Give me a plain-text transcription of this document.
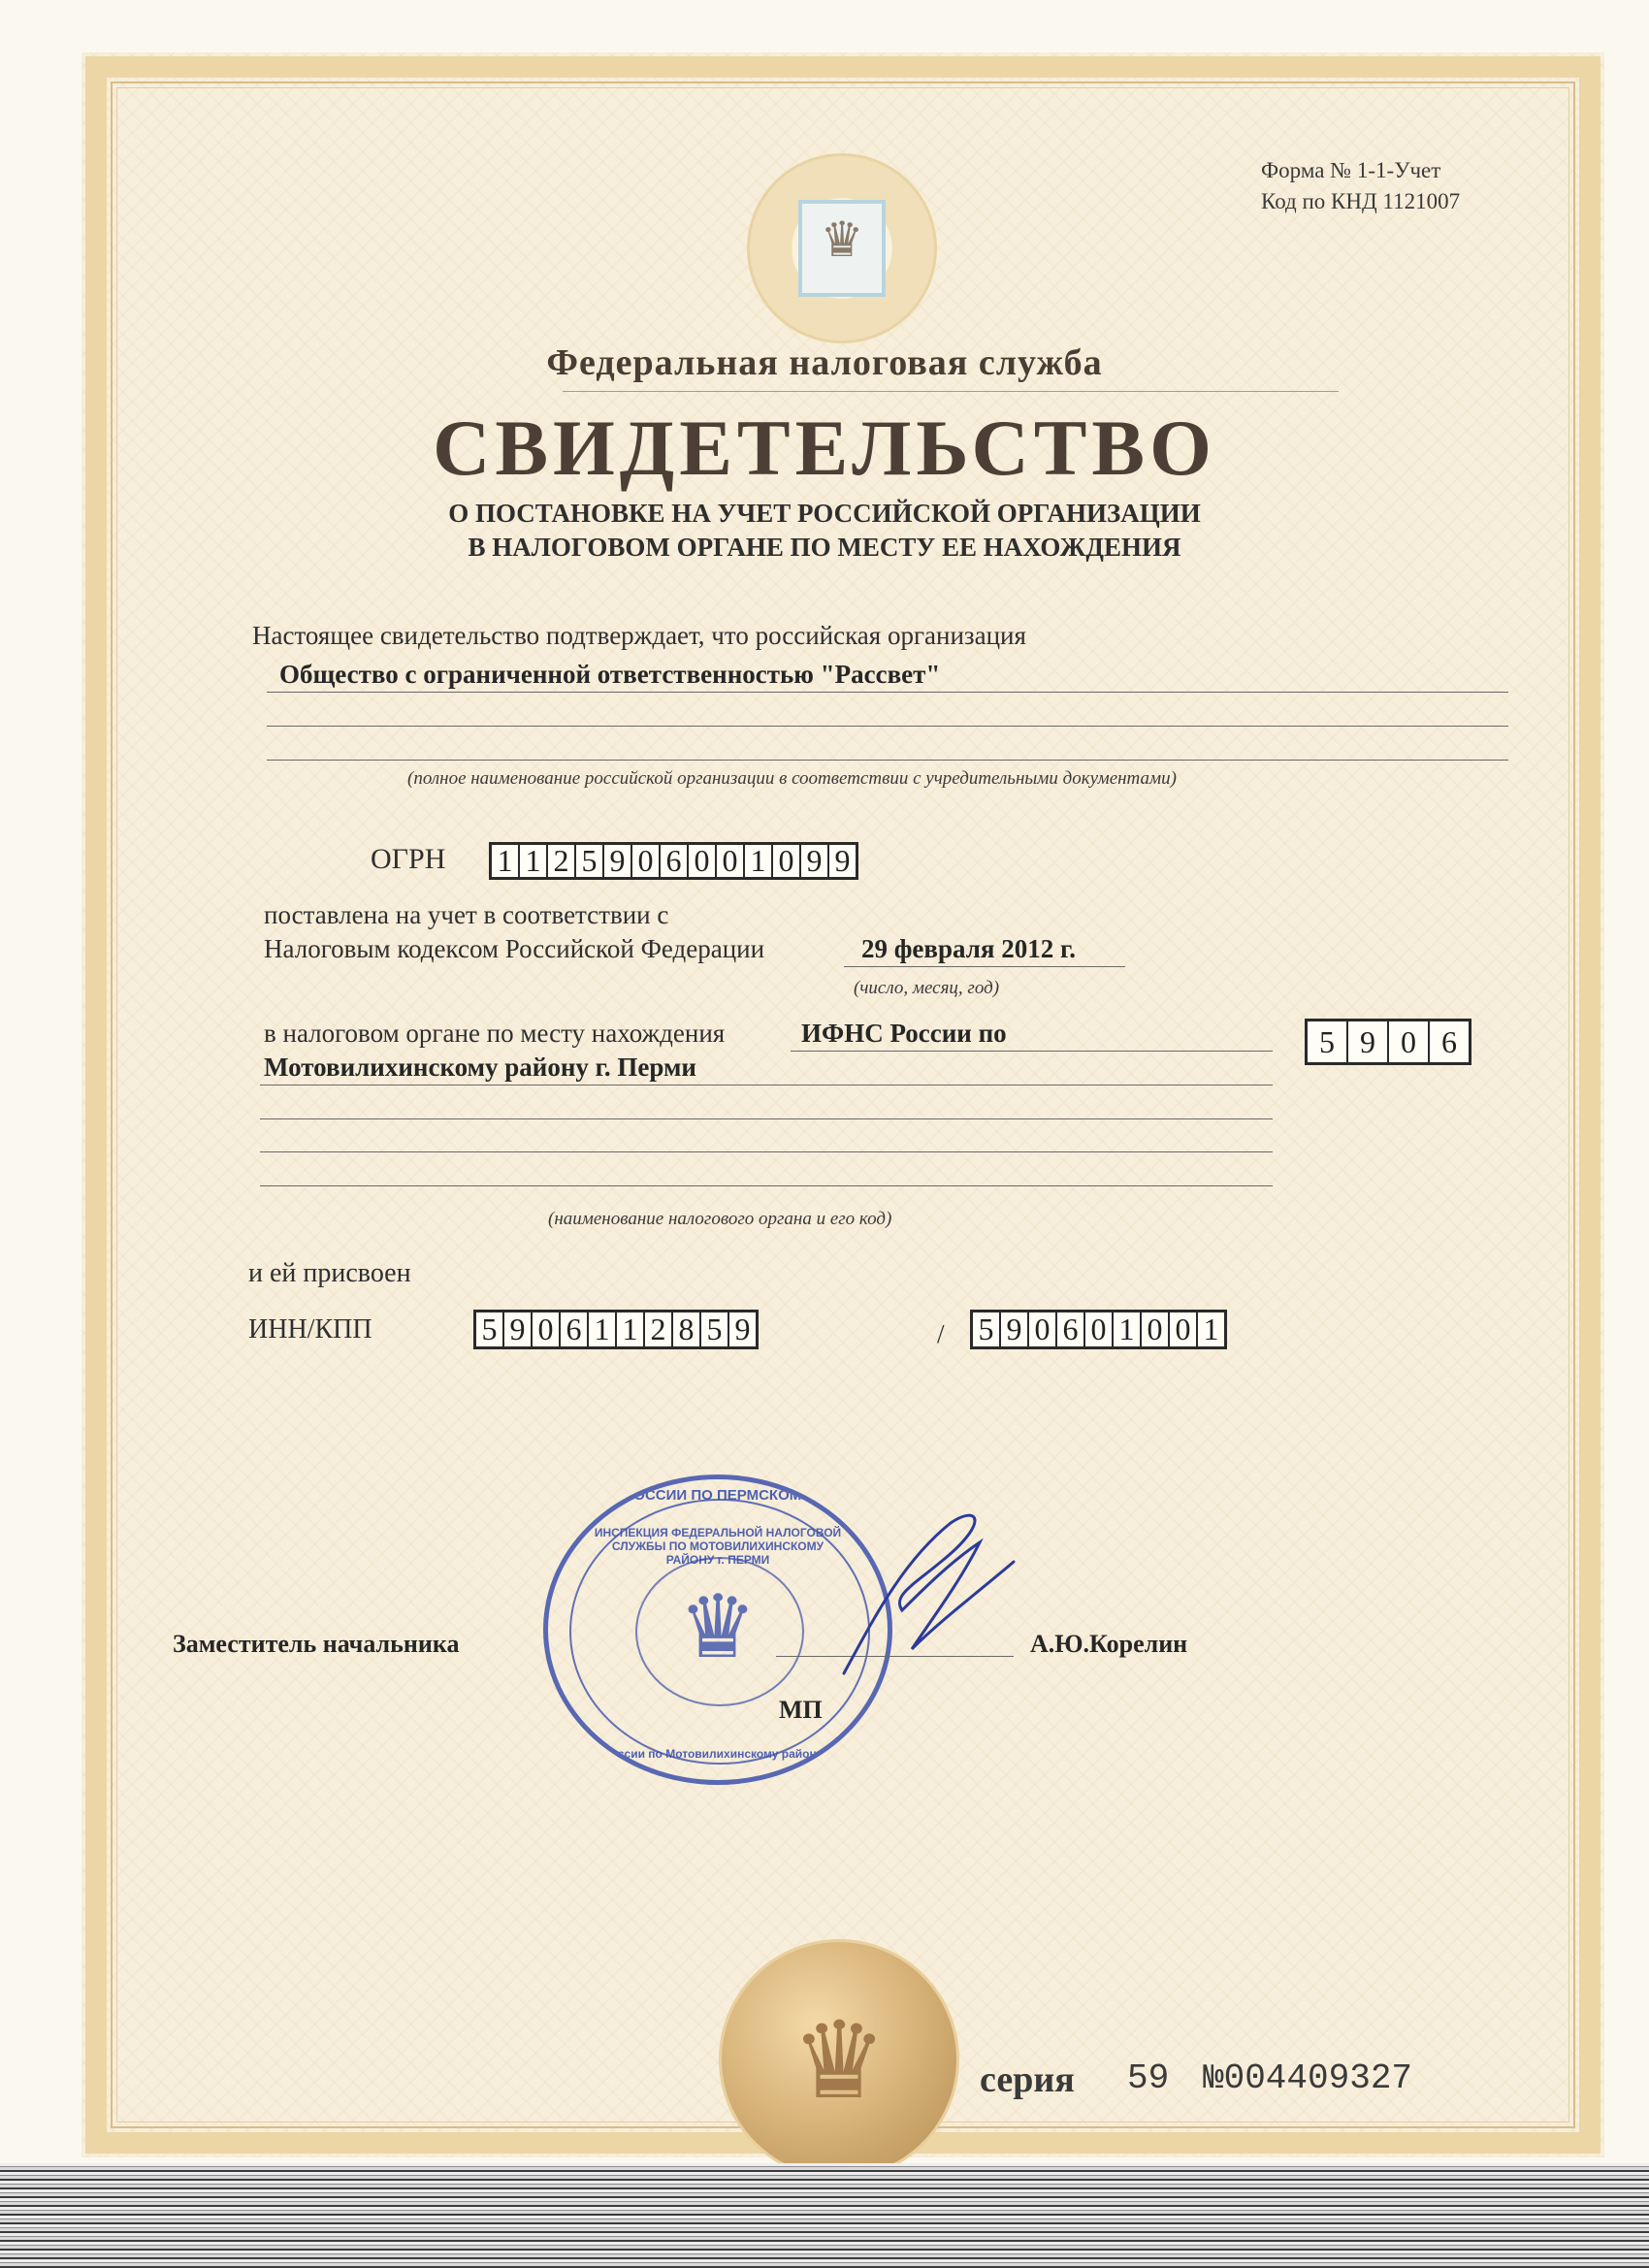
Форма № 1-1-Учет
Код по КНД 1121007
♛
Федеральная налоговая служба
СВИДЕТЕЛЬСТВО
О ПОСТАНОВКЕ НА УЧЕТ РОССИЙСКОЙ ОРГАНИЗАЦИИ
В НАЛОГОВОМ ОРГАНЕ ПО МЕСТУ ЕЕ НАХОЖДЕНИЯ
Настоящее свидетельство подтверждает, что российская организация
Общество с ограниченной ответственностью "Рассвет"
(полное наименование российской организации в соответствии с учредительными документами)
ОГРН 1 1 2 5 9 0 6 0 0 1 0 9 9
поставлена на учет в соответствии с
Налоговым кодексом Российской Федерации	29 февраля 2012 г.
(число, месяц, год)
в налоговом органе по месту нахождения	ИФНС России по
Мотовилихинскому району г. Перми
5 9 0 6
(наименование налогового органа и его код)
и ей присвоен
ИНН/КПП	5 9 0 6 1 1 2 8 5 9	/ 5 9 0 6 0 1 0 0 1
УФНС РОССИИ ПО ПЕРМСКОМУ КРАЮ
ИНСПЕКЦИЯ ФЕДЕРАЛЬНОЙ НАЛОГОВОЙ СЛУЖБЫ ПО МОТОВИЛИХИНСКОМУ РАЙОНУ г. ПЕРМИ
♛
(ИФНС России по Мотовилихинскому району г.Перми)
Заместитель начальника	А.Ю.Корелин
МП
♛	серия 59 №004409327
